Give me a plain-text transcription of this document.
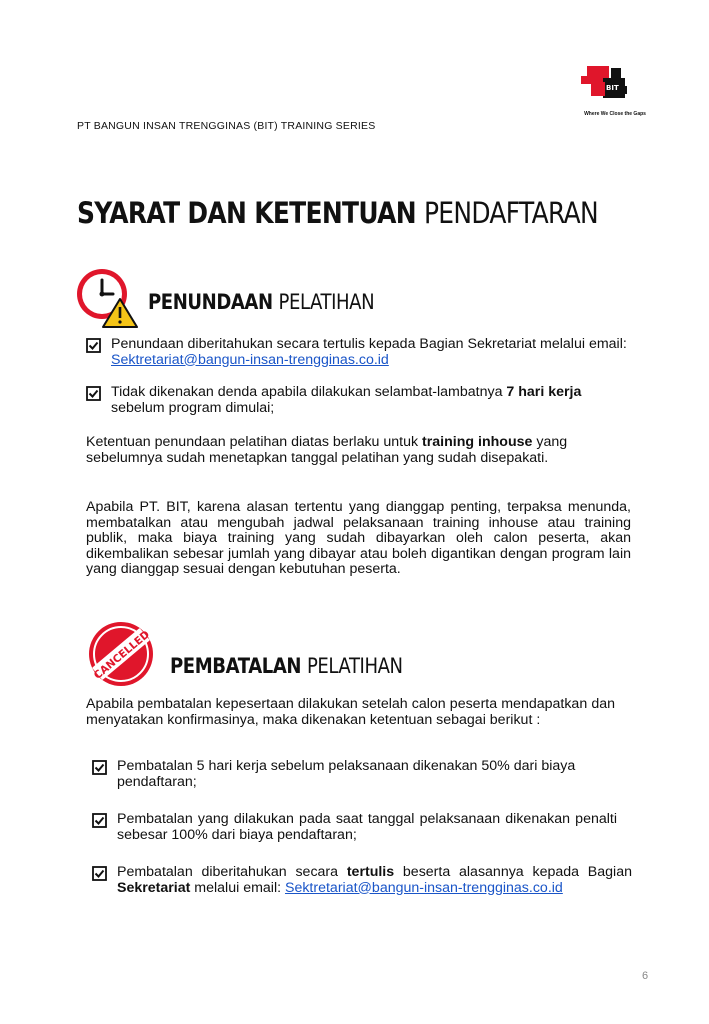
PT BANGUN INSAN TRENGGINAS (BIT) TRAINING SERIES
BIT
Where We Close the Gaps
SYARAT DAN KETENTUAN PENDAFTARAN
PENUNDAAN PELATIHAN
Penundaan diberitahukan secara tertulis kepada Bagian Sekretariat melalui email: Sektretariat@bangun-insan-trengginas.co.id
Tidak dikenakan denda apabila dilakukan selambat-lambatnya 7 hari kerja sebelum program dimulai;
Ketentuan penundaan pelatihan diatas berlaku untuk training inhouse yang sebelumnya sudah menetapkan tanggal pelatihan yang sudah disepakati.
Apabila PT. BIT, karena alasan tertentu yang dianggap penting, terpaksa menunda, membatalkan atau mengubah jadwal pelaksanaan training inhouse atau training publik, maka biaya training yang sudah dibayarkan oleh calon peserta, akan dikembalikan sebesar jumlah yang dibayar atau boleh digantikan dengan program lain yang dianggap sesuai dengan kebutuhan peserta.
CANCELLED PEMBATALAN PELATIHAN
Apabila pembatalan kepesertaan dilakukan setelah calon peserta mendapatkan dan menyatakan konfirmasinya, maka dikenakan ketentuan sebagai berikut :
Pembatalan 5 hari kerja sebelum pelaksanaan dikenakan 50% dari biaya pendaftaran;
Pembatalan yang dilakukan pada saat tanggal pelaksanaan dikenakan penalti sebesar 100% dari biaya pendaftaran;
Pembatalan diberitahukan secara tertulis beserta alasannya kepada Bagian Sekretariat melalui email: Sektretariat@bangun-insan-trengginas.co.id
6
